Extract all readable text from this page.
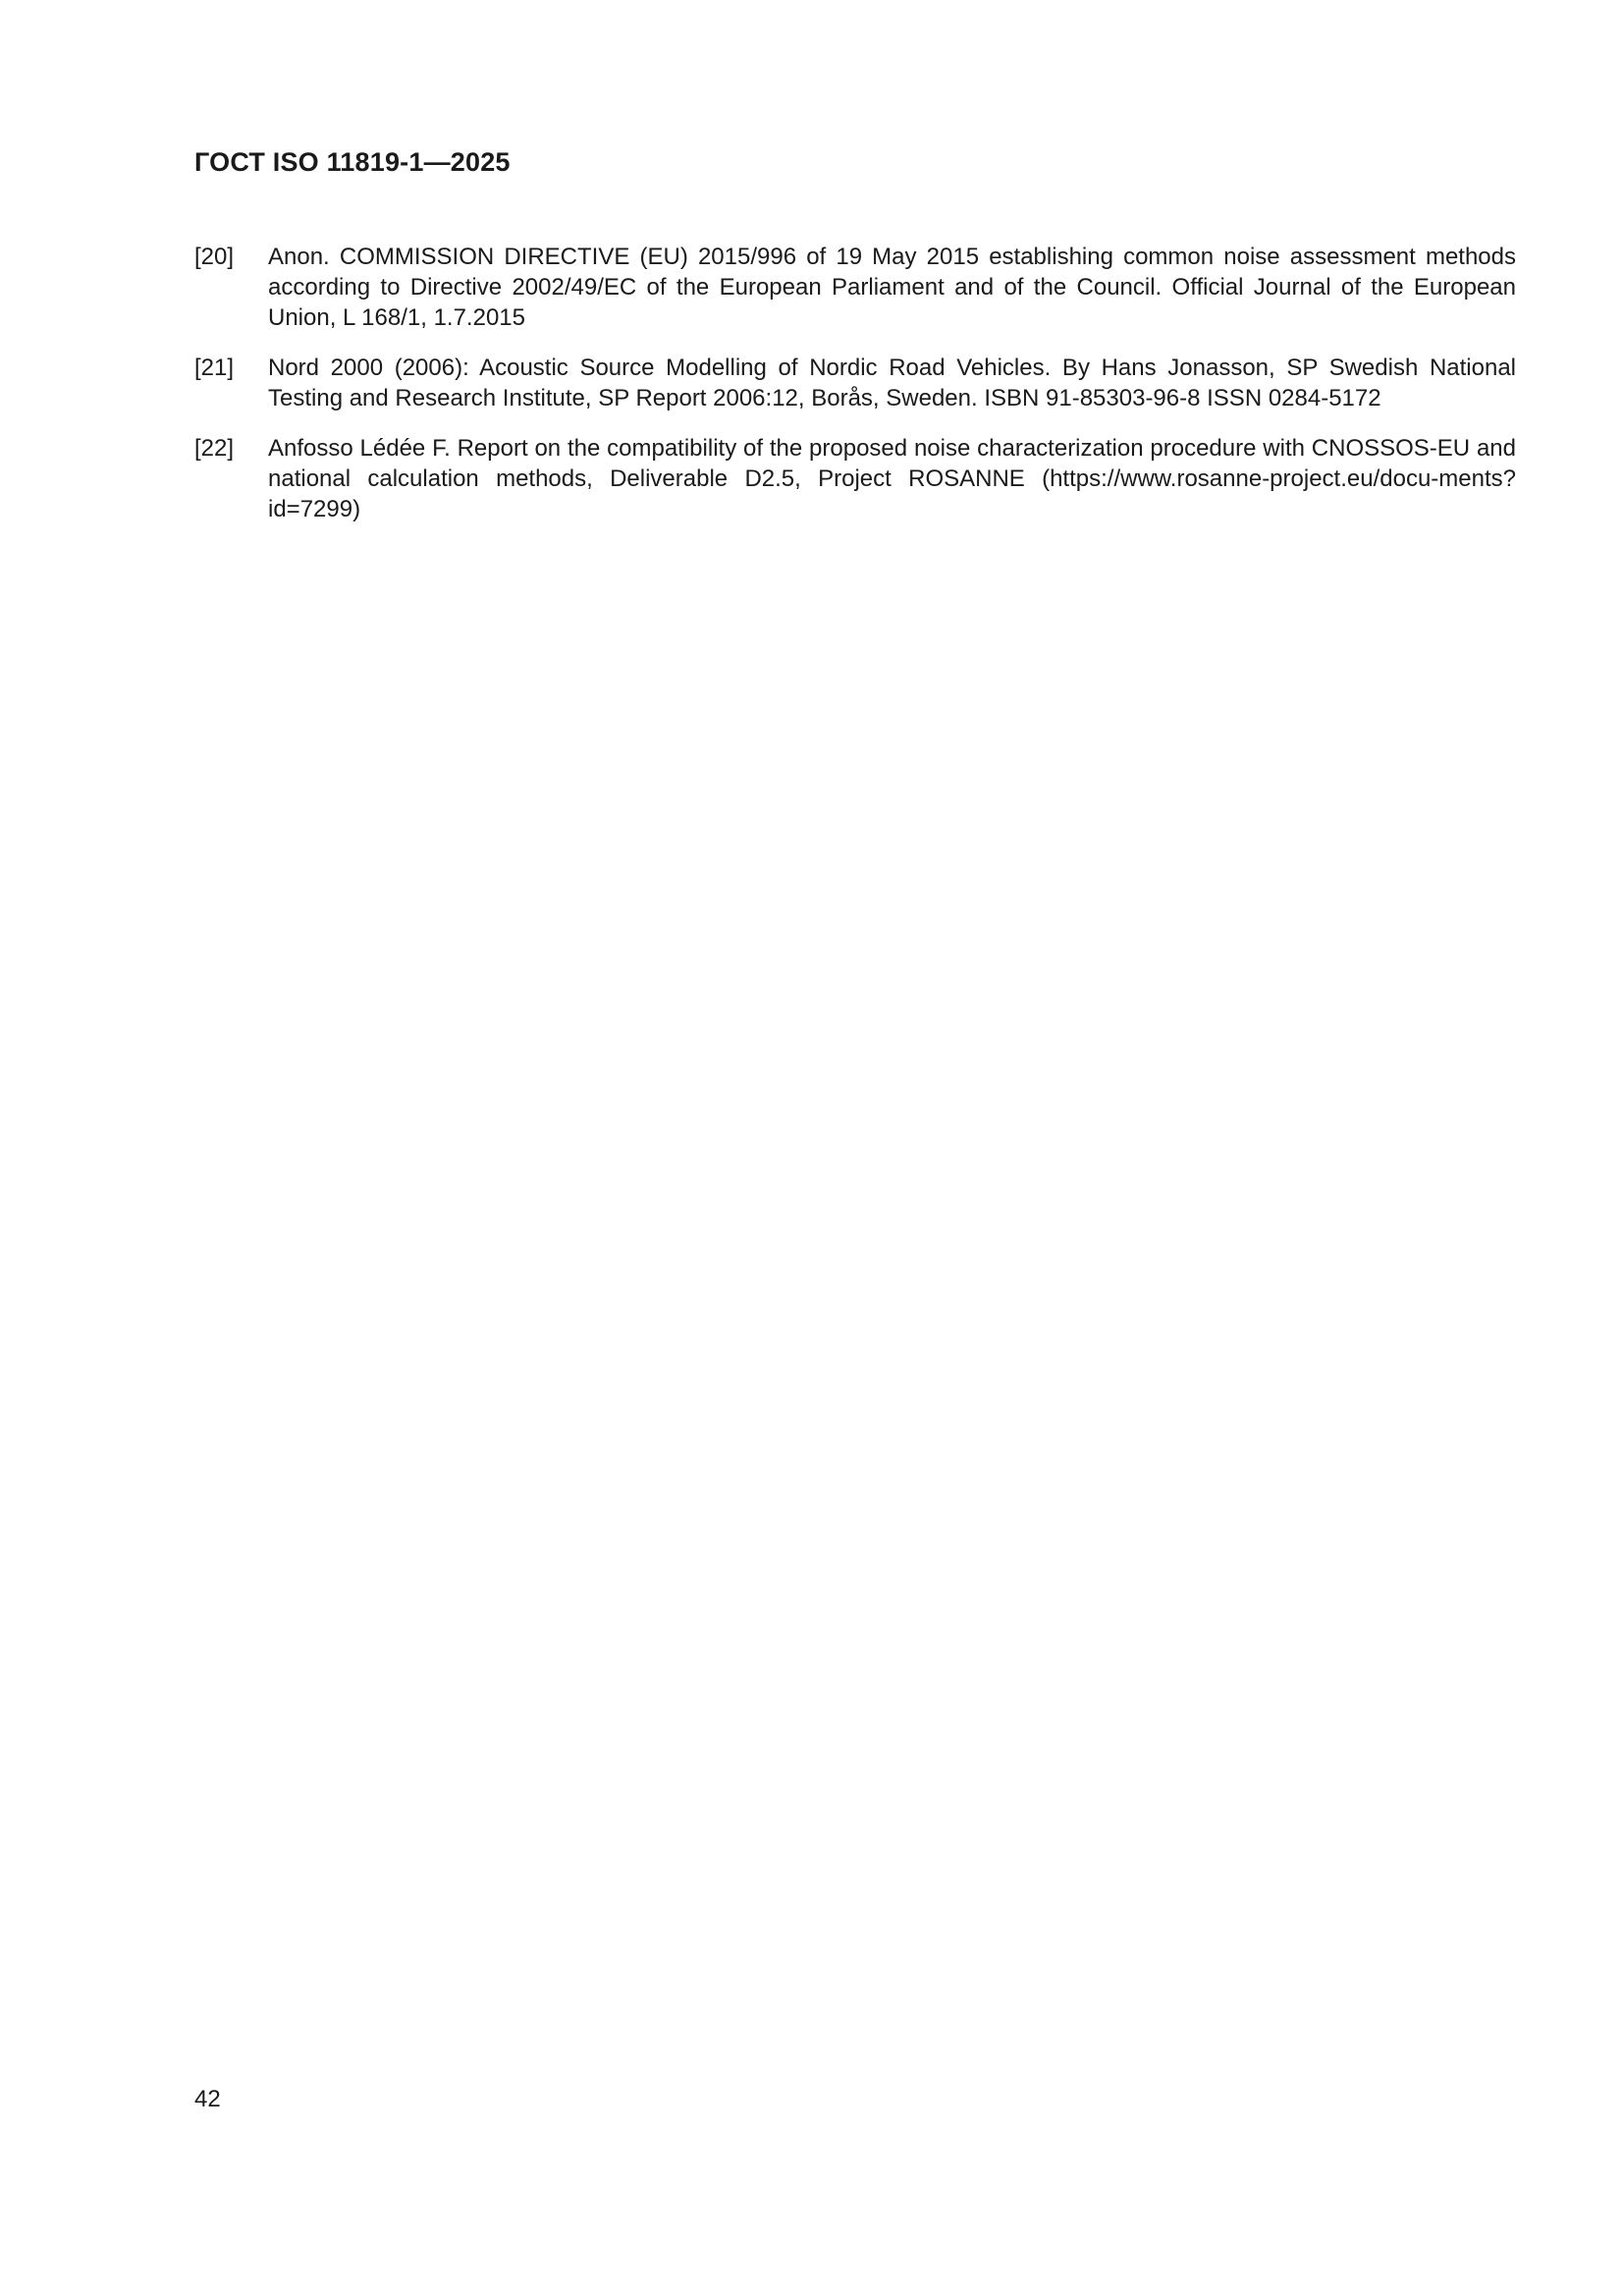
ГОСТ ISO 11819-1—2025
[20]	Anon. COMMISSION DIRECTIVE (EU) 2015/996 of 19 May 2015 establishing common noise assessment methods according to Directive 2002/49/EC of the European Parliament and of the Council. Official Journal of the European Union, L 168/1, 1.7.2015
[21]	Nord 2000 (2006): Acoustic Source Modelling of Nordic Road Vehicles. By Hans Jonasson, SP Swedish National Testing and Research Institute, SP Report 2006:12, Borås, Sweden. ISBN 91-85303-96-8 ISSN 0284-5172
[22]	Anfosso Lédée F. Report on the compatibility of the proposed noise characterization procedure with CNOSSOS-EU and national calculation methods, Deliverable D2.5, Project ROSANNE (https://www.rosanne-project.eu/docu-ments?id=7299)
42
